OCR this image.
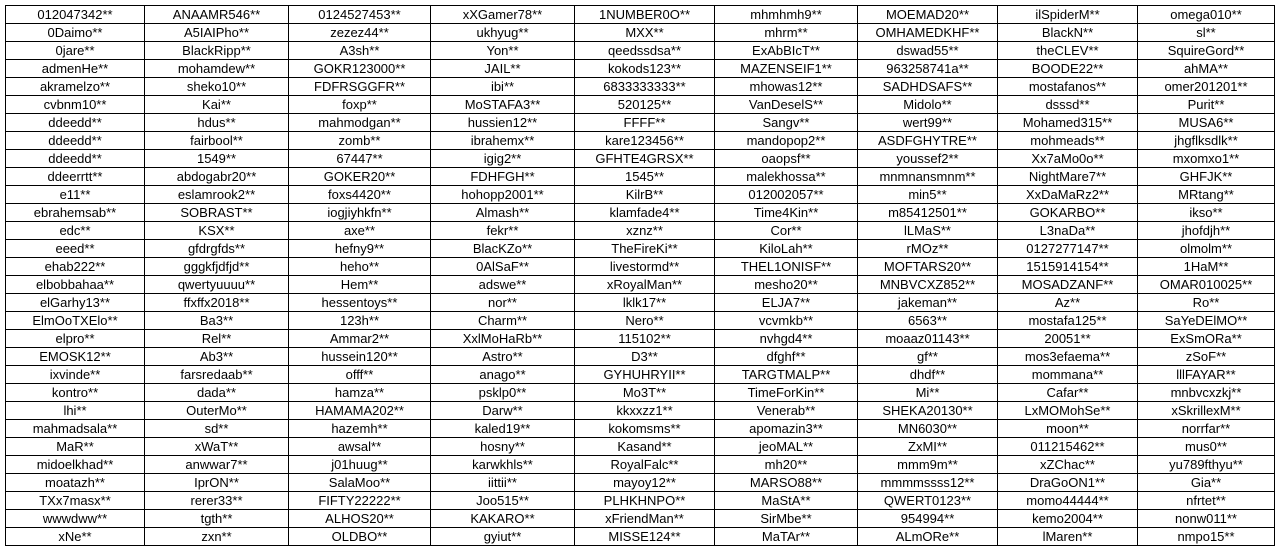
012047342**	ANAAMR546**	0124527453**	xXGamer78**	1NUMBER0O**	mhmhmh9**	MOEMAD20**	ilSpiderM**	omega010**
0Daimo**	A5IAIPho**	zezez44**	ukhyug**	MXX**	mhrm**	OMHAMEDKHF**	BlackN**	sl**
0jare**	BlackRipp**	A3sh**	Yon**	qeedssdsa**	ExAbBIcT**	dswad55**	theCLEV**	SquireGord**
admenHe**	mohamdew**	GOKR123000**	JAIL**	kokods123**	MAZENSEIF1**	963258741a**	BOODE22**	ahMA**
akramelzo**	sheko10**	FDFRSGGFR**	ibi**	6833333333**	mhowas12**	SADHDSAFS**	mostafanos**	omer201201**
cvbnm10**	Kai**	foxp**	MoSTAFA3**	520125**	VanDeselS**	Midolo**	dsssd**	Purit**
ddeedd**	hdus**	mahmodgan**	hussien12**	FFFF**	Sangv**	wert99**	Mohamed315**	MUSA6**
ddeedd**	fairbool**	zomb**	ibrahemx**	kare123456**	mandopop2**	ASDFGHYTRE**	mohmeads**	jhgflksdlk**
ddeedd**	1549**	67447**	igig2**	GFHTE4GRSX**	oaopsf**	youssef2**	Xx7aMo0o**	mxomxo1**
ddeerrtt**	abdogabr20**	GOKER20**	FDHFGH**	1545**	malekhossa**	mnmnansmnm**	NightMare7**	GHFJK**
e11**	eslamrook2**	foxs4420**	hohopp2001**	KilrB**	012002057**	min5**	XxDaMaRz2**	MRtang**
ebrahemsab**	SOBRAST**	iogjiyhkfn**	Almash**	klamfade4**	Time4Kin**	m85412501**	GOKARBO**	ikso**
edc**	KSX**	axe**	fekr**	xznz**	Cor**	lLMaS**	L3naDa**	jhofdjh**
eeed**	gfdrgfds**	hefny9**	BlacKZo**	TheFireKi**	KiloLah**	rMOz**	0127277147**	olmolm**
ehab222**	gggkfjdfjd**	heho**	0AlSaF**	livestormd**	THEL1ONISF**	MOFTARS20**	1515914154**	1HaM**
elbobbahaa**	qwertyuuuu**	Hem**	adswe**	xRoyalMan**	mesho20**	MNBVCXZ852**	MOSADZANF**	OMAR010025**
elGarhy13**	ffxffx2018**	hessentoys**	nor**	lklk17**	ELJA7**	jakeman**	Az**	Ro**
ElmOoTXElo**	Ba3**	123h**	Charm**	Nero**	vcvmkb**	6563**	mostafa125**	SaYeDElMO**
elpro**	Rel**	Ammar2**	XxlMoHaRb**	115102**	nvhgd4**	moaaz01143**	20051**	ExSmORa**
EMOSK12**	Ab3**	hussein120**	Astro**	D3**	dfghf**	gf**	mos3efaema**	zSoF**
ixvinde**	farsredaab**	offf**	anago**	GYHUHRYII**	TARGTMALP**	dhdf**	mommana**	lllFAYAR**
kontro**	dada**	hamza**	psklp0**	Mo3T**	TimeForKin**	Mi**	Cafar**	mnbvcxzkj**
lhi**	OuterMo**	HAMAMA202**	Darw**	kkxxzz1**	Venerab**	SHEKA20130**	LxMOMohSe**	xSkrillexM**
mahmadsala**	sd**	hazemh**	kaled19**	kokomsms**	apomazin3**	MN6030**	moon**	norrfar**
MaR**	xWaT**	awsal**	hosny**	Kasand**	jeoMAL**	ZxMI**	011215462**	mus0**
midoelkhad**	anwwar7**	j01huug**	karwkhls**	RoyalFalc**	mh20**	mmm9m**	xZChac**	yu789fthyu**
moatazh**	IprON**	SalaMoo**	iittii**	mayoy12**	MARSO88**	mmmmssss12**	DraGoON1**	Gia**
TXx7masx**	rerer33**	FIFTY22222**	Joo515**	PLHKHNPO**	MaStA**	QWERT0123**	momo44444**	nfrtet**
wwwdww**	tgth**	ALHOS20**	KAKARO**	xFriendMan**	SirMbe**	954994**	kemo2004**	nonw011**
xNe**	zxn**	OLDBO**	gyiut**	MISSE124**	MaTAr**	ALmORe**	lMaren**	nmpo15**
